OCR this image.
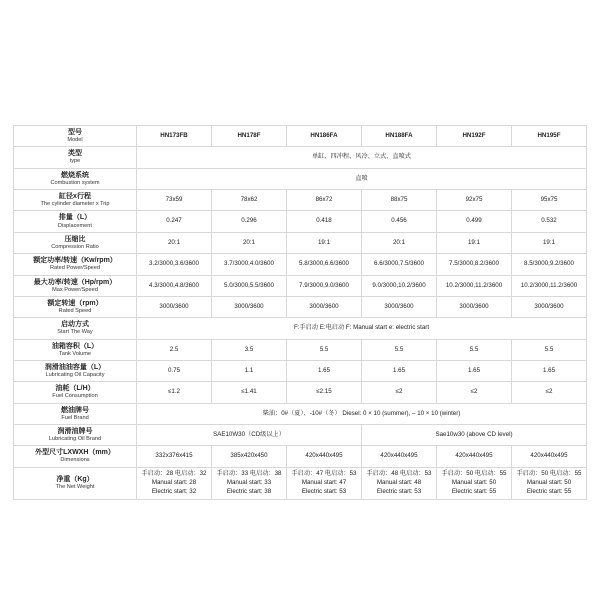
型号
Model	HN173FB	HN178F	HN186FA	HN188FA	HN192F	HN195F

类型
type	单缸、四冲程、风冷、立式、直喷式					

燃烧系统
Combustion system	直喷					

缸径x行程
The cylinder diameter x Trip	73x59	78x62	86x72	88x75	92x75	95x75

排量（L）
Displacement	0.247	0.296	0.418	0.456	0.499	0.532

压缩比
Compression Ratio	20:1	20:1	19:1	20:1	19:1	19:1

额定功率/转速（Kw/rpm）
Rated Power/Speed	3.2/3000,3.6/3600	3.7/3000,4.0/3600	5.8/3000,6.6/3600	6.6/3000,7.5/3600	7.5/3000,8.2/3600	8.5/3000,9.2/3600

最大功率/转速（Hp/rpm）
Max Power/Speed	4.3/3000,4.8/3600	5.0/3000,5.5/3600	7.9/3000,9.0/3600	9.0/3000,10.2/3600	10.2/3000,11.2/3600	10.2/3000,11.2/3600

额定转速（rpm）
Rated Speed	3000/3600	3000/3600	3000/3600	3000/3600	3000/3600	3000/3600

启动方式
Start The Way	F:手启动 E:电启动 F: Manual start e: electric start					

油箱容积（L）
Tank Volume	2.5	3.5	5.5	5.5	5.5	5.5

润滑油油容量（L）
Lubricating Oil Capacity	0.75	1.1	1.65	1.65	1.65	1.65

油耗（L/H）
Fuel Consumption	≤1.2	≤1.41	≤2.15	≤2	≤2	≤2

燃油牌号
Fuel Brand	柴油：0#（夏）、-10#（冬） Diesel: 0 × 10 (summer), – 10 × 10 (winter)					

润滑油牌号
Lubricating Oil Brand	SAE10W30（CD级以上）			Sae10w30 (above CD level)		

外型尺寸LXWXH（mm）
Dimensions	332x376x415	385x420x450	420x440x495	420x440x495	420x440x495	420x440x495

净重（Kg）
The Net Weight	手启动：28 电启动：32
Manual start: 28
Electric start: 32	手启动：33 电启动：38
Manual start: 33
Electric start: 38	手启动：47 电启动：53
Manual start: 47
Electric start: 53	手启动：48 电启动：53
Manual start: 48
Electric start: 53	手启动：50 电启动：55
Manual start: 50
Electric start: 55	手启动：50 电启动：55
Manual start: 50
Electric start: 55
